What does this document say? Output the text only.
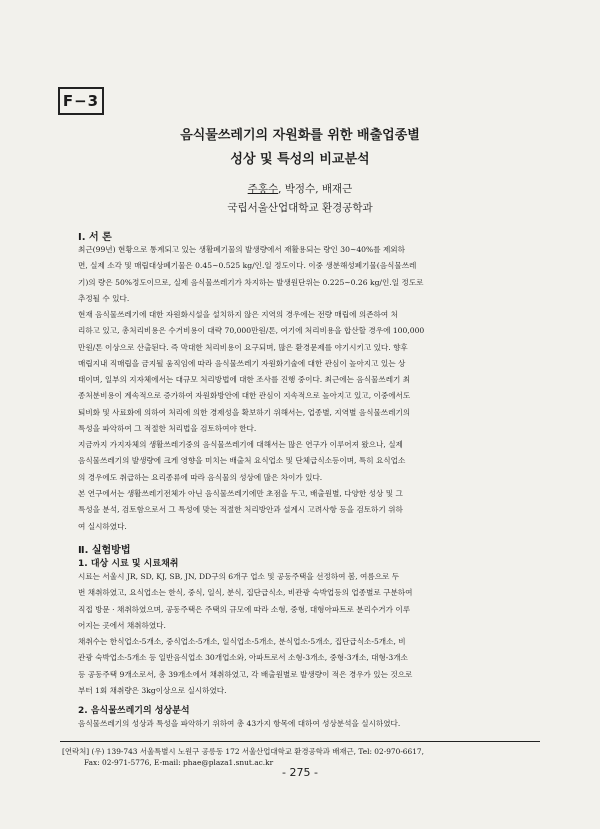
F−3
음식물쓰레기의 자원화를 위한 배출업종별
성상 및 특성의 비교분석
주홍수, 박정수, 배재근
국립서울산업대학교 환경공학과
Ⅰ. 서 론
최근(99년) 현황으로 통계되고 있는 생활폐기물의 발생량에서 재활용되는 량인 30~40%를 제외하
면, 실제 소각 및 매립대상폐기물은 0.45~0.525 kg/인.일 정도이다. 이중 생분해성폐기물(음식물쓰레
기)의 량은 50%정도이므로, 실제 음식물쓰레기가 차지하는 발생원단위는 0.225~0.26 kg/인.일 정도로
추정될 수 있다.
현재 음식물쓰레기에 대한 자원화시설을 설치하지 않은 지역의 경우에는 전량 매립에 의존하여 처
리하고 있고, 총처리비용은 수거비용이 대략 70,000만원/톤, 여기에 처리비용을 합산할 경우에 100,000
만원/톤 이상으로 산출된다. 즉 막대한 처리비용이 요구되며, 많은 환경문제를 야기시키고 있다. 향후
매립지내 직매립을 금지될 움직임에 따라 음식물쓰레기 자원화기술에 대한 관심이 높아지고 있는 상
태이며, 일부의 지자체에서는 대규모 처리방법에 대한 조사를 진행 중이다. 최근에는 음식물쓰레기 최
종처분비용이 계속적으로 증가하여 자원화방안에 대한 관심이 지속적으로 높아지고 있고, 이중에서도
퇴비화 및 사료화에 의하여 처리에 의한 경제성을 확보하기 위해서는, 업종별, 지역별 음식물쓰레기의
특성을 파악하여 그 적절한 처리법을 검토하여야 한다.
지금까지 가지자체의 생활쓰레기중의 음식물쓰레기에 대해서는 많은 연구가 이루어져 왔으나, 실제
음식물쓰레기의 발생량에 크게 영향을 미치는 배출처 요식업소 및 단체급식소등이며, 특히 요식업소
의 경우에도 취급하는 요리종류에 따라 음식물의 성상에 많은 차이가 있다.
본 연구에서는 생활쓰레기전체가 아닌 음식물쓰레기에만 초점을 두고, 배출원별, 다양한 성상 및 그
특성을 분석, 검토함으로서 그 특성에 맞는 적절한 처리방안과 설계시 고려사항 등을 검토하기 위하
여 실시하였다.
Ⅱ. 실험방법
1. 대상 시료 및 시료채취
시료는 서울시 JR, SD, KJ, SB, JN, DD구의 6개구 업소 및 공동주택을 선정하여 봄, 여름으로 두
번 채취하였고, 요식업소는 한식, 중식, 일식, 분식, 집단급식소, 비관광 숙박업등의 업종별로 구분하여
직접 방문 · 채취하였으며, 공동주택은 주택의 규모에 따라 소형, 중형, 대형아파트로 분리수거가 이루
어지는 곳에서 채취하였다.
채취수는 한식업소-5개소, 중식업소-5개소, 일식업소-5개소, 분식업소-5개소, 집단급식소-5개소, 비
관광 숙박업소-5개소 등 일반음식업소 30개업소와, 아파트로서 소형-3개소, 중형-3개소, 대형-3개소
등 공동주택 9개소로서, 총 39개소에서 채취하였고, 각 배출원별로 발생량이 적은 경우가 있는 것으로
부터 1회 채취량은 3kg이상으로 실시하였다.
2. 음식물쓰레기의 성상분석
음식물쓰레기의 성상과 특성을 파악하기 위하여 총 43가지 항목에 대하여 성상분석을 실시하였다.
[연락처] (우) 139-743 서울특별시 노원구 공릉동 172 서울산업대학교 환경공학과 배재근, Tel: 02-970-6617,
Fax: 02-971-5776, E-mail: phae@plaza1.snut.ac.kr
- 275 -
